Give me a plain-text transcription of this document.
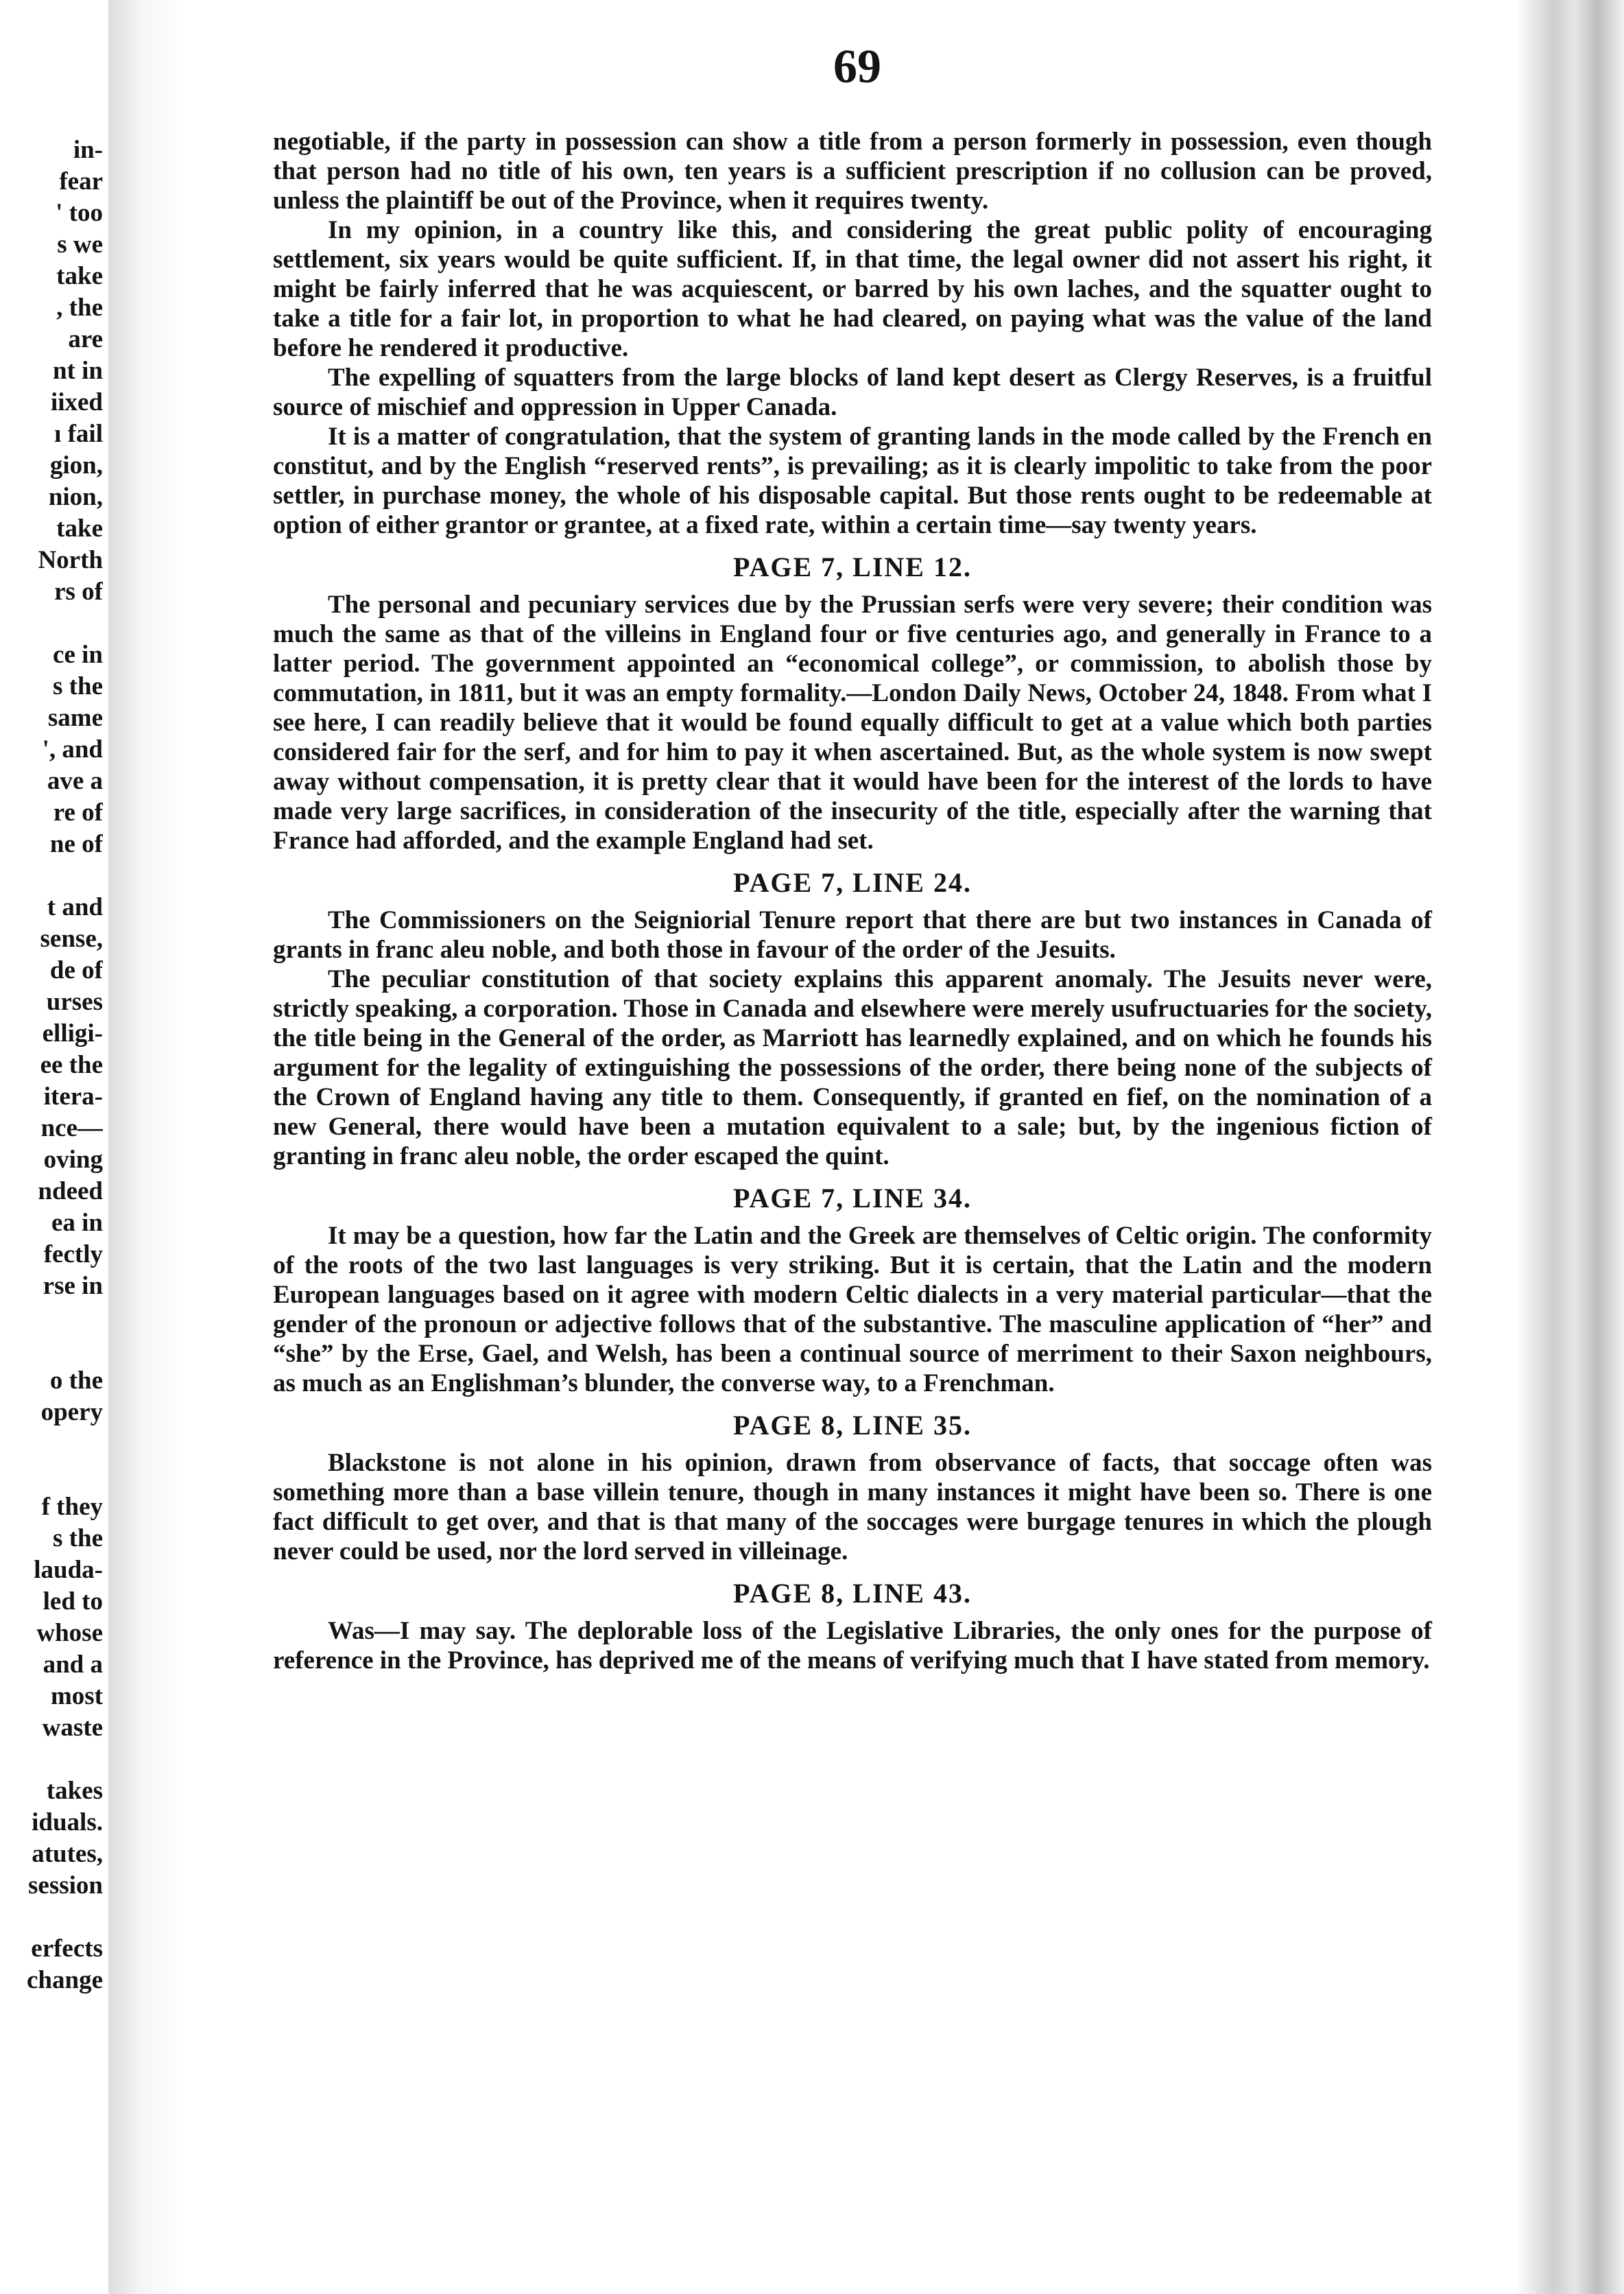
in-
fear
' too
s we
take
, the
are
nt in
iixed
ı fail
gion,
nion,
take
North
rs of
ce in
s the
same
', and
ave a
re of
ne of
t and
sense,
de of
urses
elligi-
ee the
itera-
nce—
oving
ndeed
ea in
fectly
rse in
o the
opery
f they
s the
lauda-
led to
whose
and a
most
waste
takes
iduals.
atutes,
session
erfects
change
69

negotiable, if the party in possession can show a title from a person formerly in possession, even though that person had no title of his own, ten years is a sufficient prescription if no collusion can be proved, unless the plaintiff be out of the Province, when it requires twenty.

In my opinion, in a country like this, and considering the great public polity of encouraging settlement, six years would be quite sufficient. If, in that time, the legal owner did not assert his right, it might be fairly inferred that he was acquiescent, or barred by his own laches, and the squatter ought to take a title for a fair lot, in proportion to what he had cleared, on paying what was the value of the land before he rendered it productive.

The expelling of squatters from the large blocks of land kept desert as Clergy Reserves, is a fruitful source of mischief and oppression in Upper Canada.

It is a matter of congratulation, that the system of granting lands in the mode called by the French en constitut, and by the English “reserved rents”, is prevailing; as it is clearly impolitic to take from the poor settler, in purchase money, the whole of his disposable capital. But those rents ought to be redeemable at option of either grantor or grantee, at a fixed rate, within a certain time—say twenty years.

PAGE 7, LINE 12.

The personal and pecuniary services due by the Prussian serfs were very severe; their condition was much the same as that of the villeins in England four or five centuries ago, and generally in France to a latter period. The government appointed an “economical college”, or commission, to abolish those by commutation, in 1811, but it was an empty formality.—London Daily News, October 24, 1848. From what I see here, I can readily believe that it would be found equally difficult to get at a value which both parties considered fair for the serf, and for him to pay it when ascertained. But, as the whole system is now swept away without compensation, it is pretty clear that it would have been for the interest of the lords to have made very large sacrifices, in consideration of the insecurity of the title, especially after the warning that France had afforded, and the example England had set.

PAGE 7, LINE 24.

The Commissioners on the Seigniorial Tenure report that there are but two instances in Canada of grants in franc aleu noble, and both those in favour of the order of the Jesuits.

The peculiar constitution of that society explains this apparent anomaly. The Jesuits never were, strictly speaking, a corporation. Those in Canada and elsewhere were merely usufructuaries for the society, the title being in the General of the order, as Marriott has learnedly explained, and on which he founds his argument for the legality of extinguishing the possessions of the order, there being none of the subjects of the Crown of England having any title to them. Consequently, if granted en fief, on the nomination of a new General, there would have been a mutation equivalent to a sale; but, by the ingenious fiction of granting in franc aleu noble, the order escaped the quint.

PAGE 7, LINE 34.

It may be a question, how far the Latin and the Greek are themselves of Celtic origin. The conformity of the roots of the two last languages is very striking. But it is certain, that the Latin and the modern European languages based on it agree with modern Celtic dialects in a very material particular—that the gender of the pronoun or adjective follows that of the substantive. The masculine application of “her” and “she” by the Erse, Gael, and Welsh, has been a continual source of merriment to their Saxon neighbours, as much as an Englishman’s blunder, the converse way, to a Frenchman.

PAGE 8, LINE 35.

Blackstone is not alone in his opinion, drawn from observance of facts, that soccage often was something more than a base villein tenure, though in many instances it might have been so. There is one fact difficult to get over, and that is that many of the soccages were burgage tenures in which the plough never could be used, nor the lord served in villeinage.

PAGE 8, LINE 43.

Was—I may say. The deplorable loss of the Legislative Libraries, the only ones for the purpose of reference in the Province, has deprived me of the means of verifying much that I have stated from memory.
